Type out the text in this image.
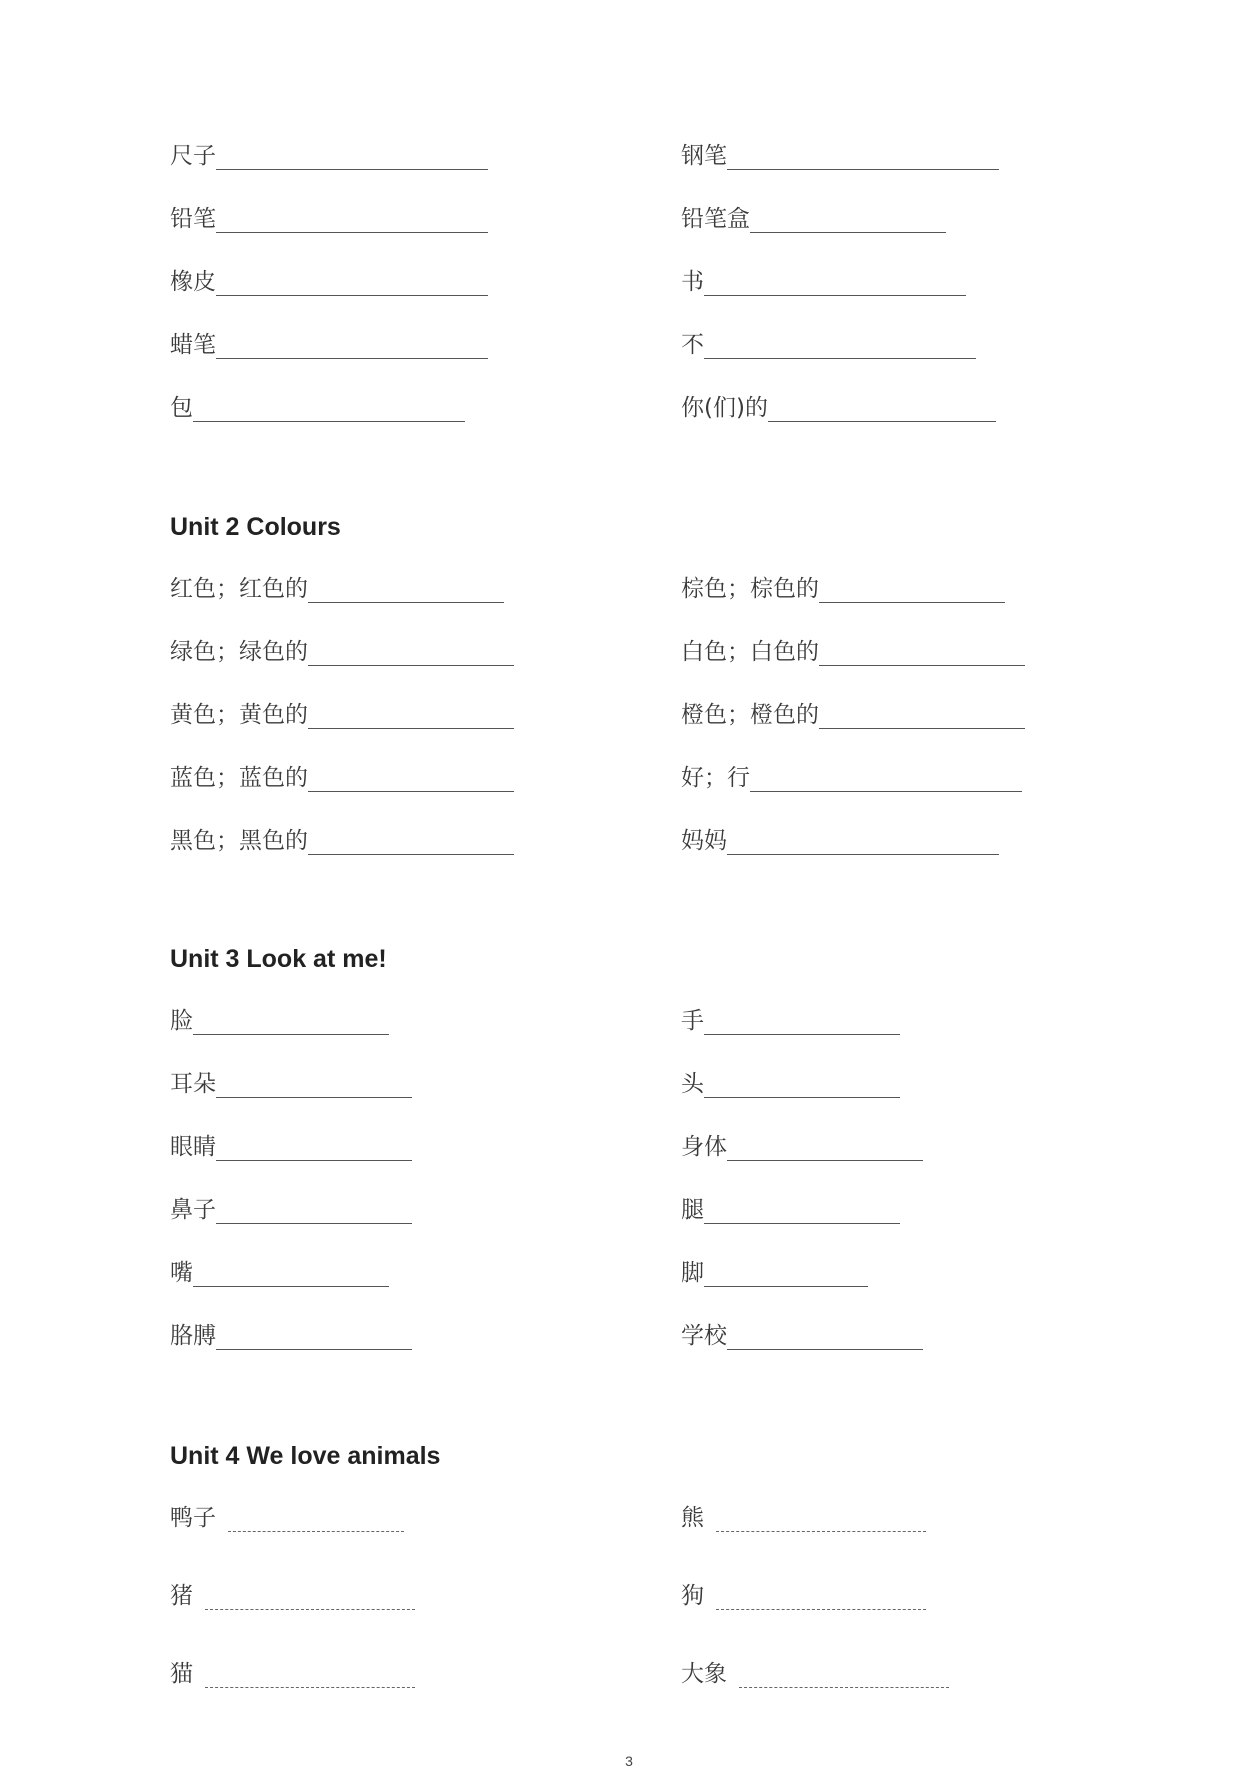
尺子
铅笔
橡皮
蜡笔
包
钢笔
铅笔盒
书
不
你(们)的
Unit 2 Colours
红色；红色的
绿色；绿色的
黄色；黄色的
蓝色；蓝色的
黑色；黑色的
棕色；棕色的
白色；白色的
橙色；橙色的
好；行
妈妈
Unit 3 Look at me!
脸
耳朵
眼睛
鼻子
嘴
胳膊
手
头
身体
腿
脚
学校
Unit 4 We love animals
鸭子
猪
猫
熊
狗
大象
3
